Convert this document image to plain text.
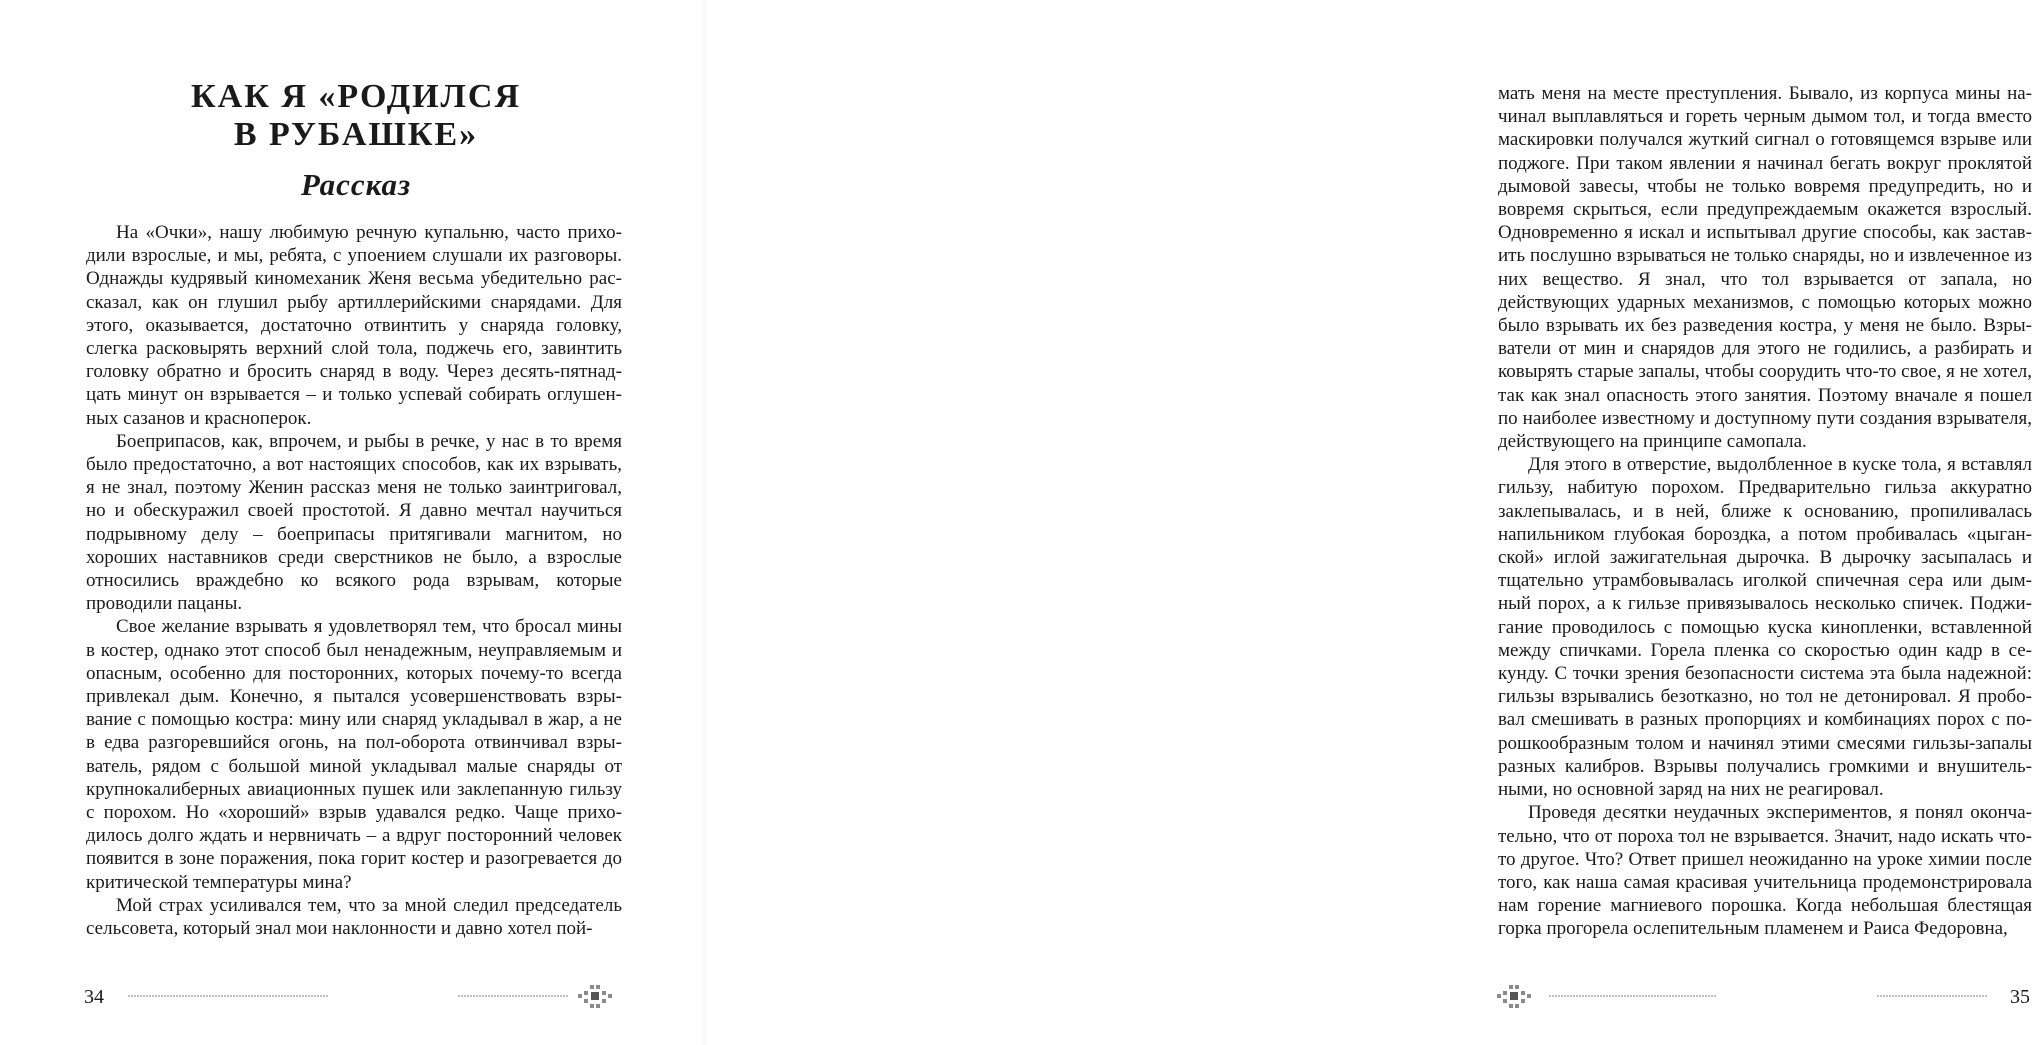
КАК Я «РОДИЛСЯ
В РУБАШКЕ»
Рассказ

На «Очки», нашу любимую речную купальню, часто приходили взрослые, и мы, ребята, с упоением слушали их разговоры. Однажды кудрявый киномеханик Женя весьма убедительно рассказал, как он глушил рыбу артиллерийскими снарядами. Для этого, оказывается, достаточно отвинтить у снаряда головку, слегка расковырять верхний слой тола, поджечь его, завинтить головку обратно и бросить снаряд в воду. Через десять-пятнадцать минут он взрывается – и только успевай собирать оглушенных сазанов и красноперок.

Боеприпасов, как, впрочем, и рыбы в речке, у нас в то время было предостаточно, а вот настоящих способов, как их взрывать, я не знал, поэтому Женин рассказ меня не только заинтриговал, но и обескуражил своей простотой. Я давно мечтал научиться подрывному делу – боеприпасы притягивали магнитом, но хороших наставников среди сверстников не было, а взрослые относились враждебно ко всякого рода взрывам, которые проводили пацаны.

Свое желание взрывать я удовлетворял тем, что бросал мины в костер, однако этот способ был ненадежным, неуправляемым и опасным, особенно для посторонних, которых почему-то всегда привлекал дым. Конечно, я пытался усовершенствовать взрывание с помощью костра: мину или снаряд укладывал в жар, а не в едва разгоревшийся огонь, на пол-оборота отвинчивал взрыватель, рядом с большой миной укладывал малые снаряды от крупнокалиберных авиационных пушек или заклепанную гильзу с порохом. Но «хороший» взрыв удавался редко. Чаще приходилось долго ждать и нервничать – а вдруг посторонний человек появится в зоне поражения, пока горит костер и разогревается до критической температуры мина?

Мой страх усиливался тем, что за мной следил председатель сельсовета, который знал мои наклонности и давно хотел пой-

34

мать меня на месте преступления. Бывало, из корпуса мины начинал выплавляться и гореть черным дымом тол, и тогда вместо маскировки получался жуткий сигнал о готовящемся взрыве или поджоге. При таком явлении я начинал бегать вокруг проклятой дымовой завесы, чтобы не только вовремя предупредить, но и вовремя скрыться, если предупреждаемым окажется взрослый. Одновременно я искал и испытывал другие способы, как заставить послушно взрываться не только снаряды, но и извлеченное из них вещество. Я знал, что тол взрывается от запала, но действующих ударных механизмов, с помощью которых можно было взрывать их без разведения костра, у меня не было. Взрыватели от мин и снарядов для этого не годились, а разбирать и ковырять старые запалы, чтобы соорудить что-то свое, я не хотел, так как знал опасность этого занятия. Поэтому вначале я пошел по наиболее известному и доступному пути создания взрывателя, действующего на принципе самопала.

Для этого в отверстие, выдолбленное в куске тола, я вставлял гильзу, набитую порохом. Предварительно гильза аккуратно заклепывалась, и в ней, ближе к основанию, пропиливалась напильником глубокая бороздка, а потом пробивалась «цыганской» иглой зажигательная дырочка. В дырочку засыпалась и тщательно утрамбовывалась иголкой спичечная сера или дымный порох, а к гильзе привязывалось несколько спичек. Поджигание проводилось с помощью куска кинопленки, вставленной между спичками. Горела пленка со скоростью один кадр в секунду. С точки зрения безопасности система эта была надежной: гильзы взрывались безотказно, но тол не детонировал. Я пробовал смешивать в разных пропорциях и комбинациях порох с порошкообразным толом и начинял этими смесями гильзы-запалы разных калибров. Взрывы получались громкими и внушительными, но основной заряд на них не реагировал.

Проведя десятки неудачных экспериментов, я понял окончательно, что от пороха тол не взрывается. Значит, надо искать что-то другое. Что? Ответ пришел неожиданно на уроке химии после того, как наша самая красивая учительница продемонстрировала нам горение магниевого порошка. Когда небольшая блестящая горка прогорела ослепительным пламенем и Раиса Федоровна,

35
